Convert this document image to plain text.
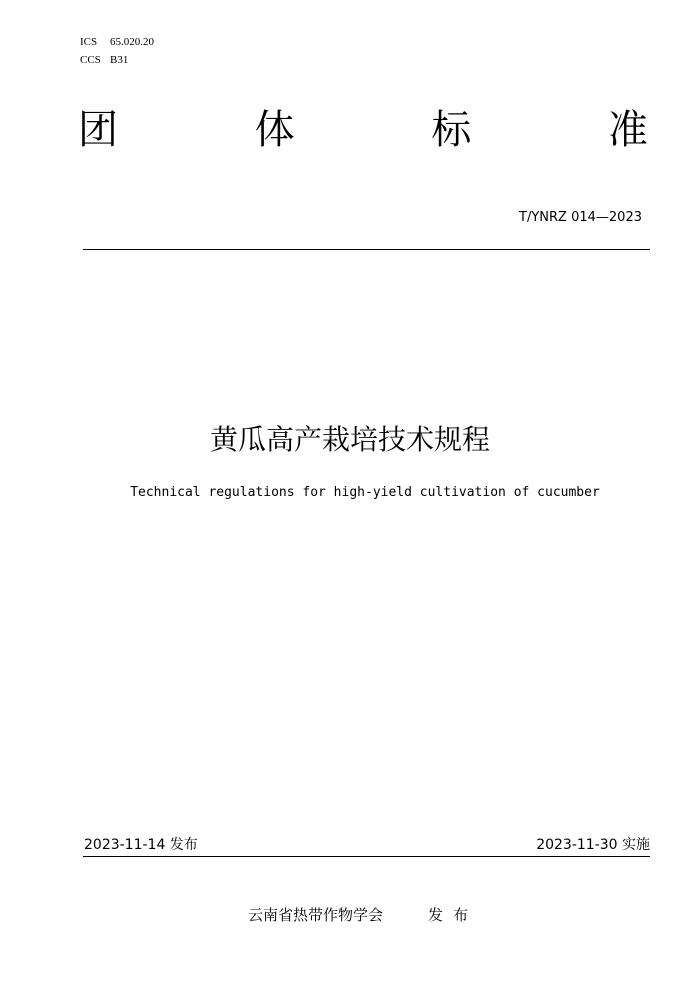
ICS 65.020.20
CCS B31
团	体	标	准
T/YNRZ 014—2023
黄瓜高产栽培技术规程
Technical regulations for high-yield cultivation of cucumber
2023-11-14 发布	2023-11-30 实施
云南省热带作物学会	发布
